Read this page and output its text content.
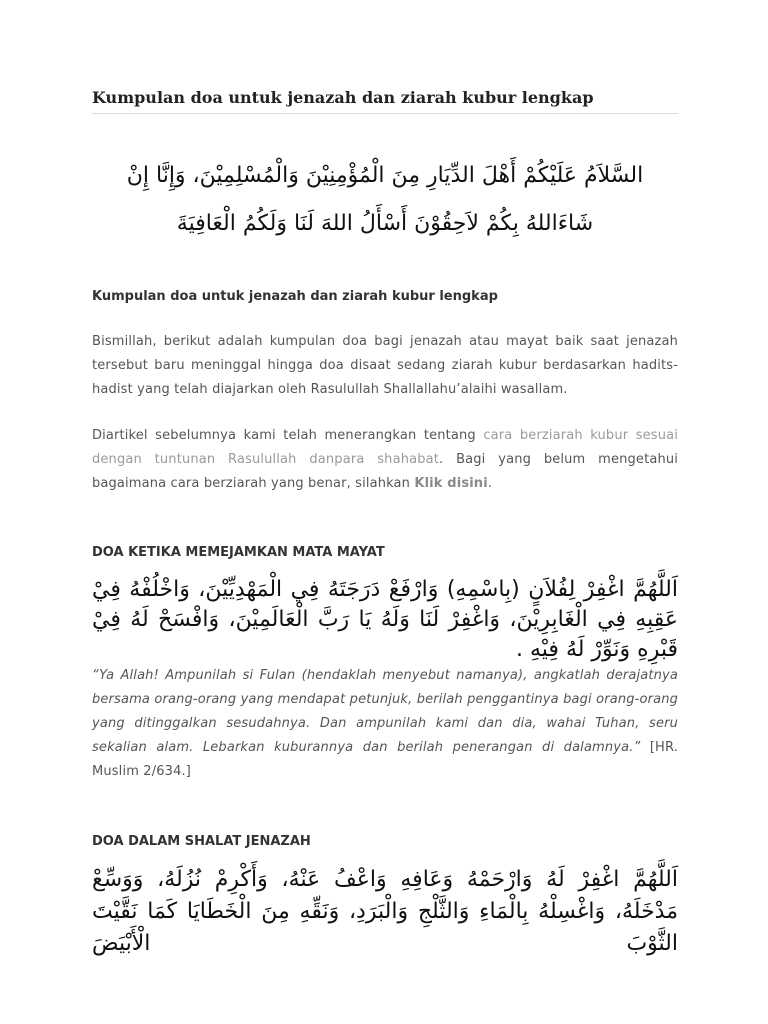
Kumpulan doa untuk jenazah dan ziarah kubur lengkap

السَّلاَمُ عَلَيْكُمْ أَهْلَ الدِّيَارِ مِنَ الْمُؤْمِنِيْنَ وَالْمُسْلِمِيْنَ، وَإِنَّا إِنْ شَاءَاللهُ بِكُمْ لاَحِقُوْنَ أَسْأَلُ اللهَ لَنَا وَلَكُمُ الْعَافِيَةَ

Kumpulan doa untuk jenazah dan ziarah kubur lengkap

Bismillah, berikut adalah kumpulan doa bagi jenazah atau mayat baik saat jenazah tersebut baru meninggal hingga doa disaat sedang ziarah kubur berdasarkan hadits-hadist yang telah diajarkan oleh Rasulullah Shallallahu’alaihi wasallam.

Diartikel sebelumnya kami telah menerangkan tentang cara berziarah kubur sesuai dengan tuntunan Rasulullah danpara shahabat. Bagi yang belum mengetahui bagaimana cara berziarah yang benar, silahkan Klik disini.

DOA KETIKA MEMEJAMKAN MATA MAYAT

اَللَّهُمَّ اغْفِرْ لِفُلاَنٍ (بِاسْمِهِ) وَارْفَعْ دَرَجَتَهُ فِي الْمَهْدِيِّيْنَ، وَاخْلُفْهُ فِيْ عَقِبِهِ فِي الْغَابِرِيْنَ، وَاغْفِرْ لَنَا وَلَهُ يَا رَبَّ الْعَالَمِيْنَ، وَافْسَحْ لَهُ فِيْ قَبْرِهِ وَنَوِّرْ لَهُ فِيْهِ .

“Ya Allah! Ampunilah si Fulan (hendaklah menyebut namanya), angkatlah derajatnya bersama orang-orang yang mendapat petunjuk, berilah penggantinya bagi orang-orang yang ditinggalkan sesudahnya. Dan ampunilah kami dan dia, wahai Tuhan, seru sekalian alam. Lebarkan kuburannya dan berilah penerangan di dalamnya.” [HR. Muslim 2/634.]

DOA DALAM SHALAT JENAZAH

اَللَّهُمَّ اغْفِرْ لَهُ وَارْحَمْهُ وَعَافِهِ وَاعْفُ عَنْهُ، وَأَكْرِمْ نُزُلَهُ، وَوَسِّعْ مَدْخَلَهُ، وَاغْسِلْهُ بِالْمَاءِ وَالثَّلْجِ وَالْبَرَدِ، وَنَقِّهِ مِنَ الْخَطَايَا كَمَا نَقَّيْتَ الثَّوْبَ الْأَبْيَضَ
